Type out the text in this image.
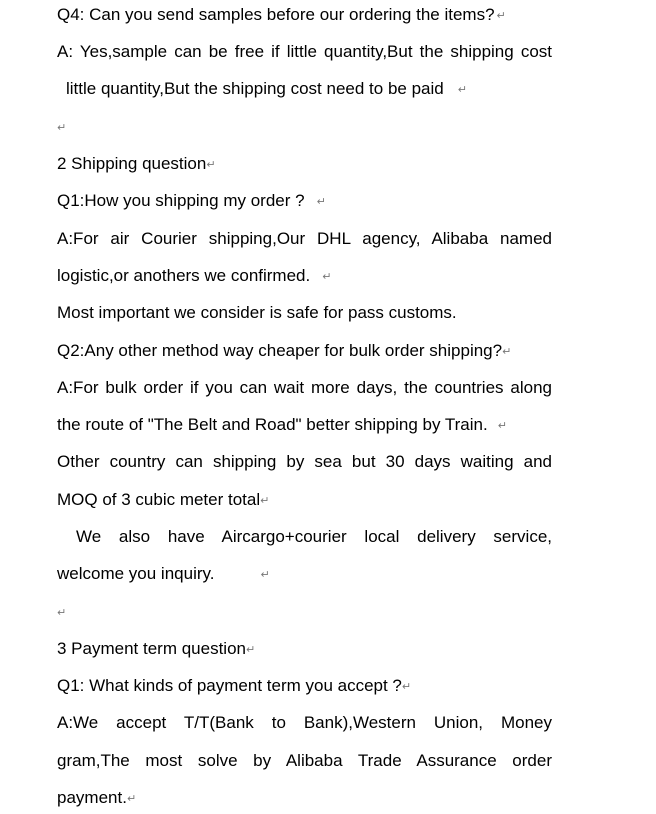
Q4: Can you send samples before our ordering the items? ↵
A: Yes,sample can be free if little quantity,But the shipping cost
little quantity,But the shipping cost need to be paid ↵
↵
2 Shipping question↵
Q1:How you shipping my order ? ↵
A:For air Courier shipping,Our DHL agency, Alibaba named
logistic,or anothers we confirmed. ↵
Most important we consider is safe for pass customs.
Q2:Any other method way cheaper for bulk order shipping?↵
A:For bulk order if you can wait more days, the countries along
the route of "The Belt and Road" better shipping by Train. ↵
Other country can shipping by sea but 30 days waiting and
MOQ of 3 cubic meter total↵
We also have Aircargo+courier local delivery service,
welcome you inquiry.	↵
↵
3 Payment term question↵
Q1: What kinds of payment term you accept ?↵
A:We accept T/T(Bank to Bank),Western Union, Money
gram,The most solve by Alibaba Trade Assurance order
payment.↵
